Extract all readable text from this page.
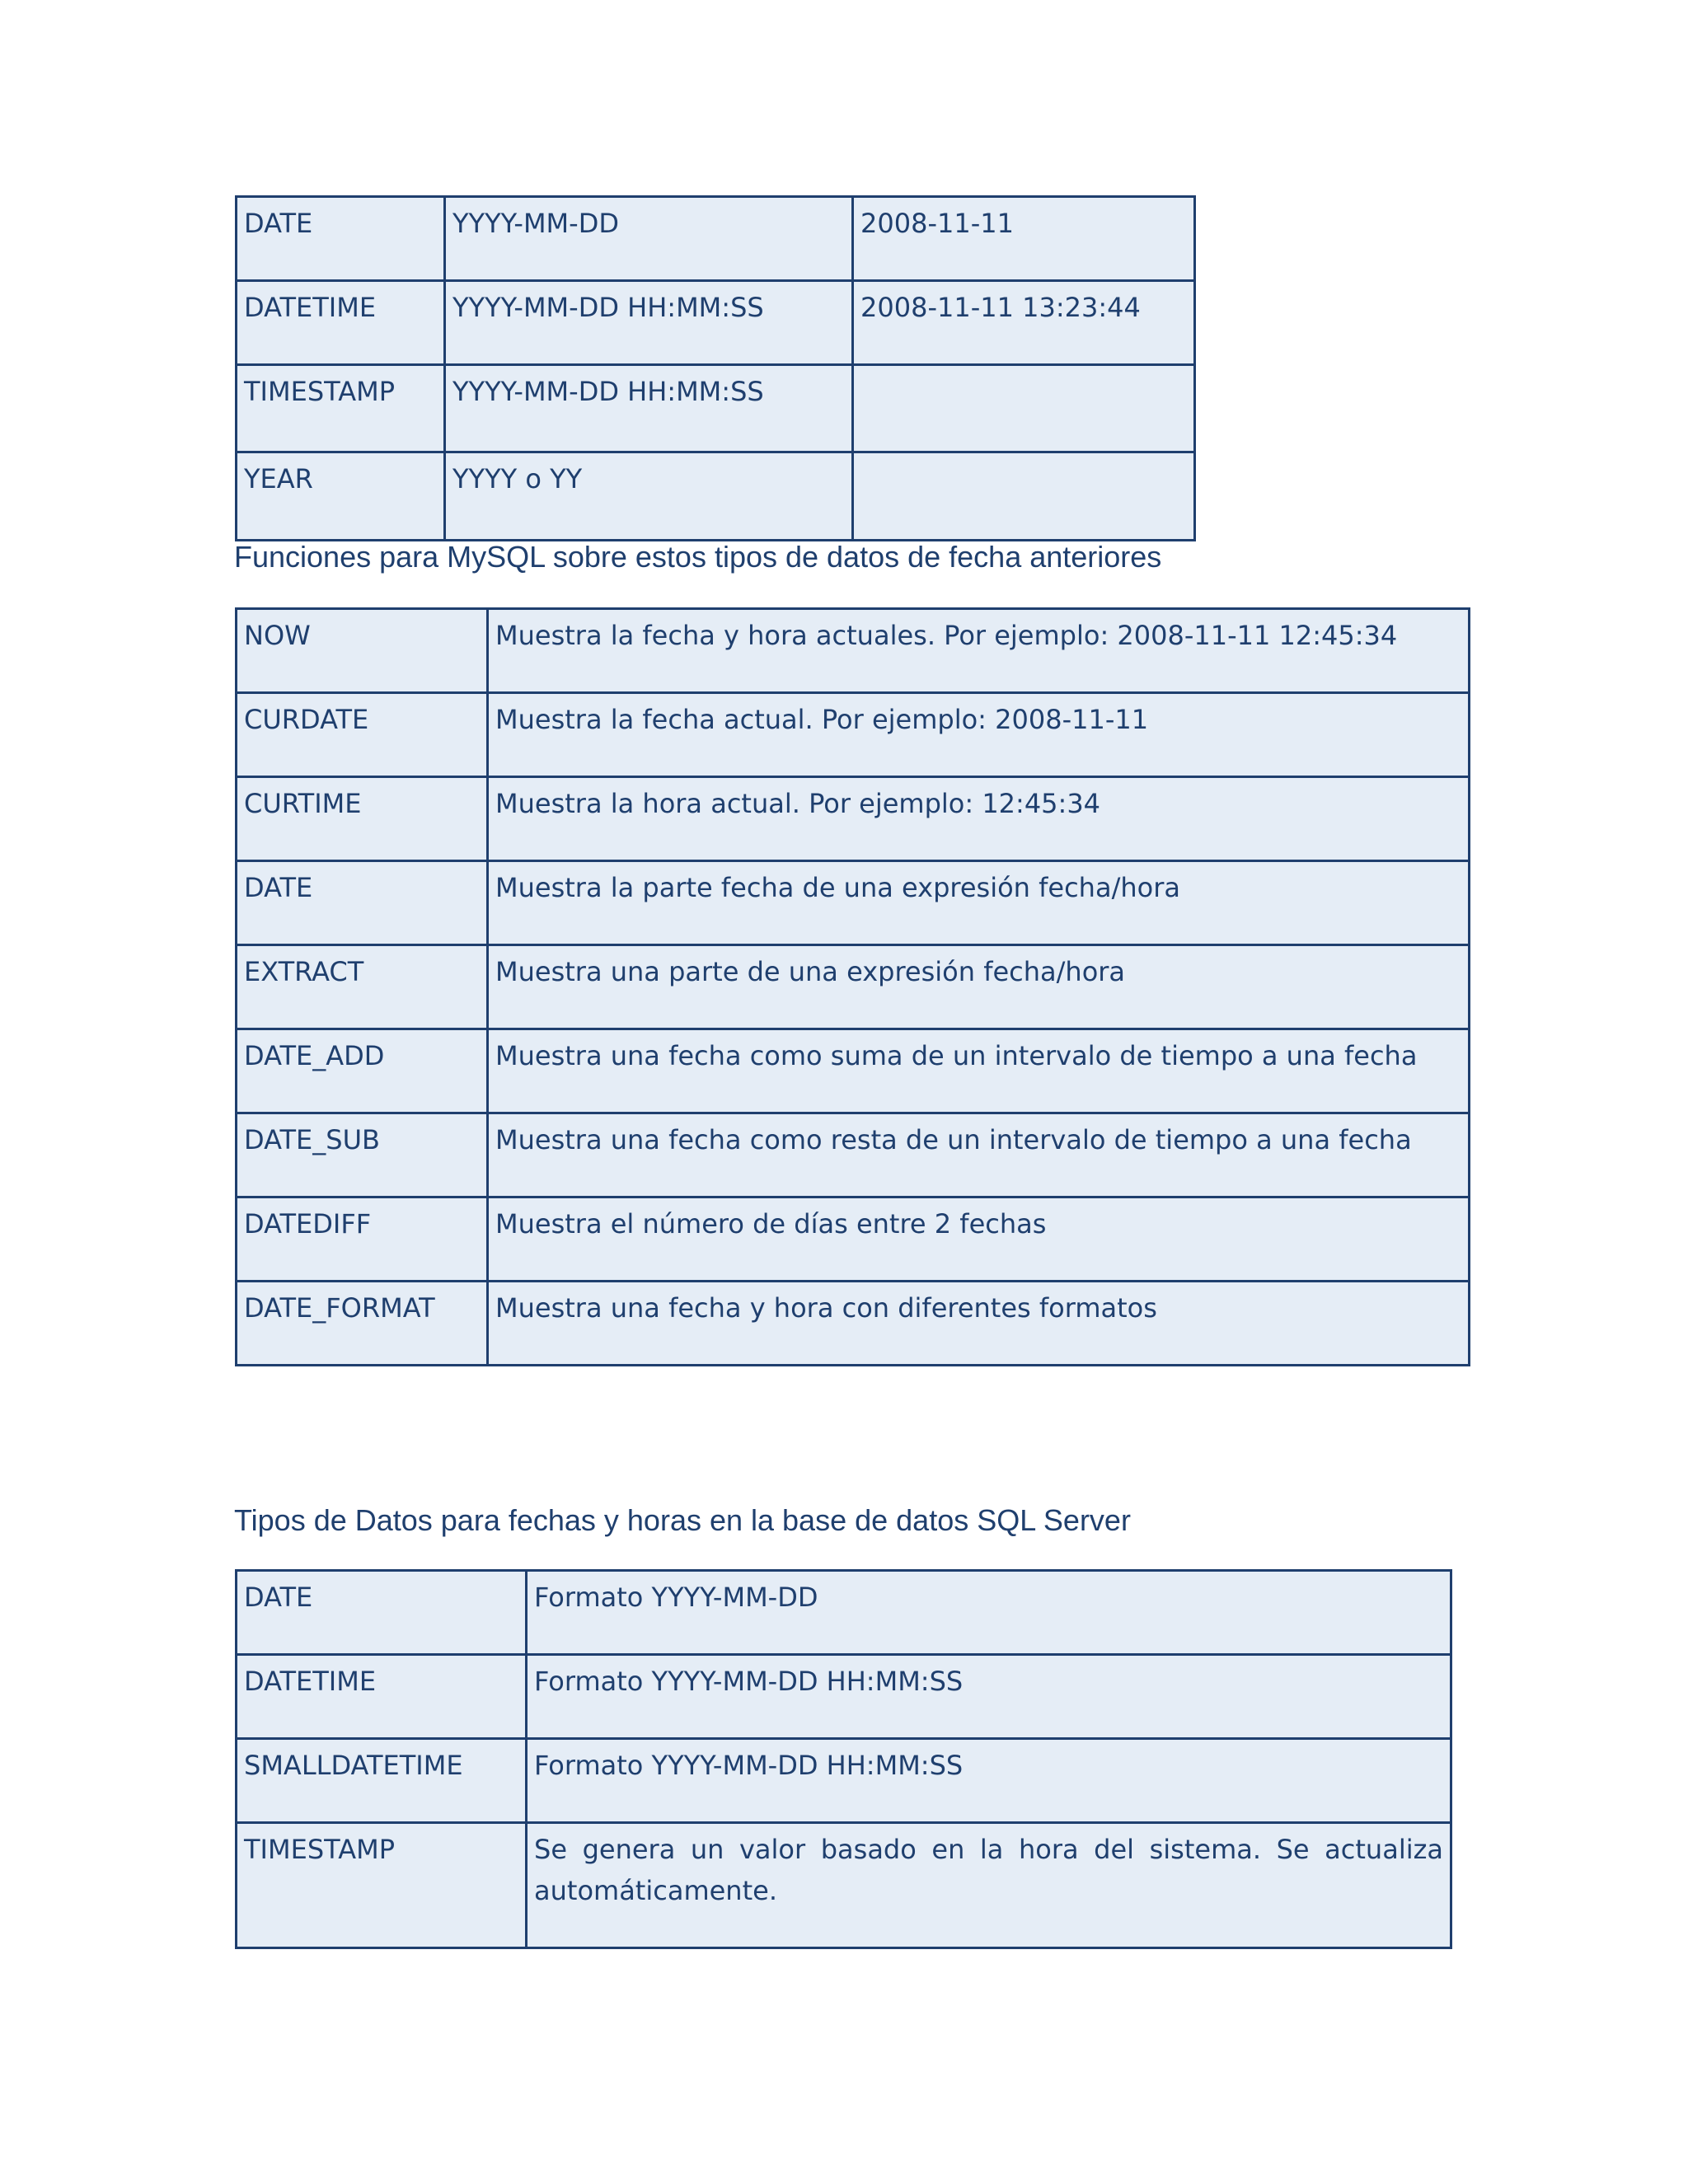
DATE	YYYY-MM-DD	2008-11-11
DATETIME	YYYY-MM-DD HH:MM:SS	2008-11-11 13:23:44
TIMESTAMP	YYYY-MM-DD HH:MM:SS	
YEAR	YYYY o YY	

Funciones para MySQL sobre estos tipos de datos de fecha anteriores

NOW	Muestra la fecha y hora actuales. Por ejemplo: 2008-11-11 12:45:34
CURDATE	Muestra la fecha actual. Por ejemplo: 2008-11-11
CURTIME	Muestra la hora actual. Por ejemplo: 12:45:34
DATE	Muestra la parte fecha de una expresión fecha/hora
EXTRACT	Muestra una parte de una expresión fecha/hora
DATE_ADD	Muestra una fecha como suma de un intervalo de tiempo a una fecha
DATE_SUB	Muestra una fecha como resta de un intervalo de tiempo a una fecha
DATEDIFF	Muestra el número de días entre 2 fechas
DATE_FORMAT	Muestra una fecha y hora con diferentes formatos

Tipos de Datos para fechas y horas en la base de datos SQL Server

DATE	Formato YYYY-MM-DD
DATETIME	Formato YYYY-MM-DD HH:MM:SS
SMALLDATETIME	Formato YYYY-MM-DD HH:MM:SS
TIMESTAMP	Se genera un valor basado en la hora del sistema. Se actualiza automáticamente.
